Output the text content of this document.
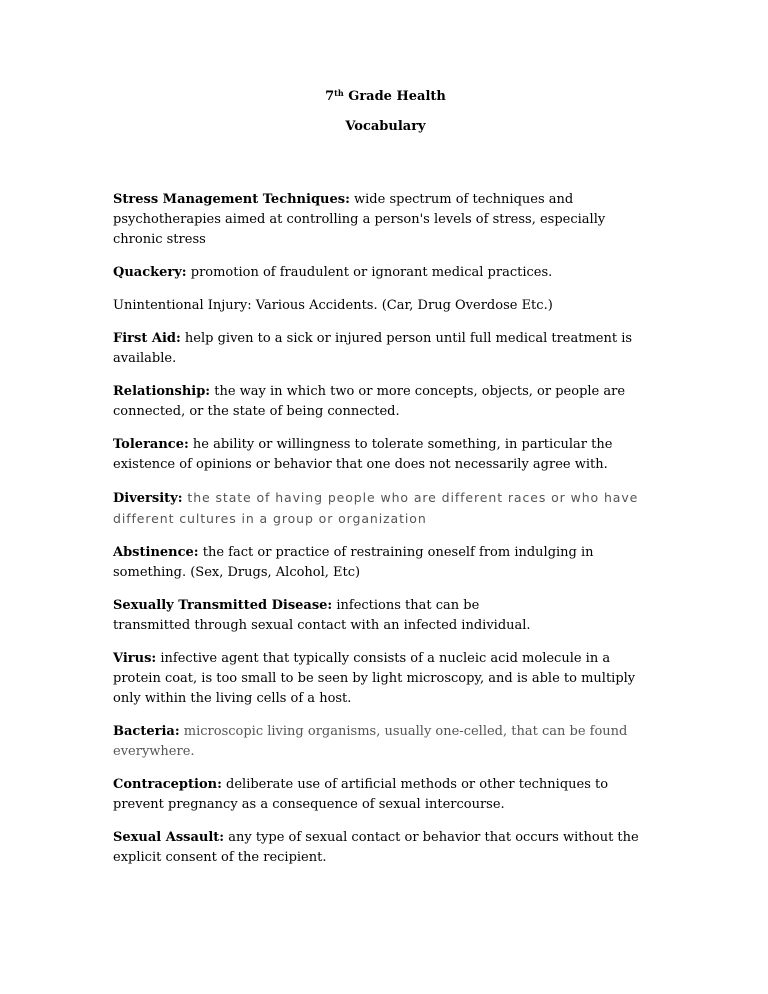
7th Grade Health

Vocabulary

Stress Management Techniques: wide spectrum of techniques and psychotherapies aimed at controlling a person's levels of stress, especially chronic stress

Quackery: promotion of fraudulent or ignorant medical practices.

Unintentional Injury: Various Accidents. (Car, Drug Overdose Etc.)

First Aid: help given to a sick or injured person until full medical treatment is available.

Relationship: the way in which two or more concepts, objects, or people are connected, or the state of being connected.

Tolerance: he ability or willingness to tolerate something, in particular the existence of opinions or behavior that one does not necessarily agree with.

Diversity: the state of having people who are different races or who have different cultures in a group or organization

Abstinence: the fact or practice of restraining oneself from indulging in something. (Sex, Drugs, Alcohol, Etc)

Sexually Transmitted Disease: infections that can be
transmitted through sexual contact with an infected individual.

Virus: infective agent that typically consists of a nucleic acid molecule in a protein coat, is too small to be seen by light microscopy, and is able to multiply only within the living cells of a host.

Bacteria: microscopic living organisms, usually one-celled, that can be found everywhere.

Contraception: deliberate use of artificial methods or other techniques to prevent pregnancy as a consequence of sexual intercourse.

Sexual Assault: any type of sexual contact or behavior that occurs without the explicit consent of the recipient.
